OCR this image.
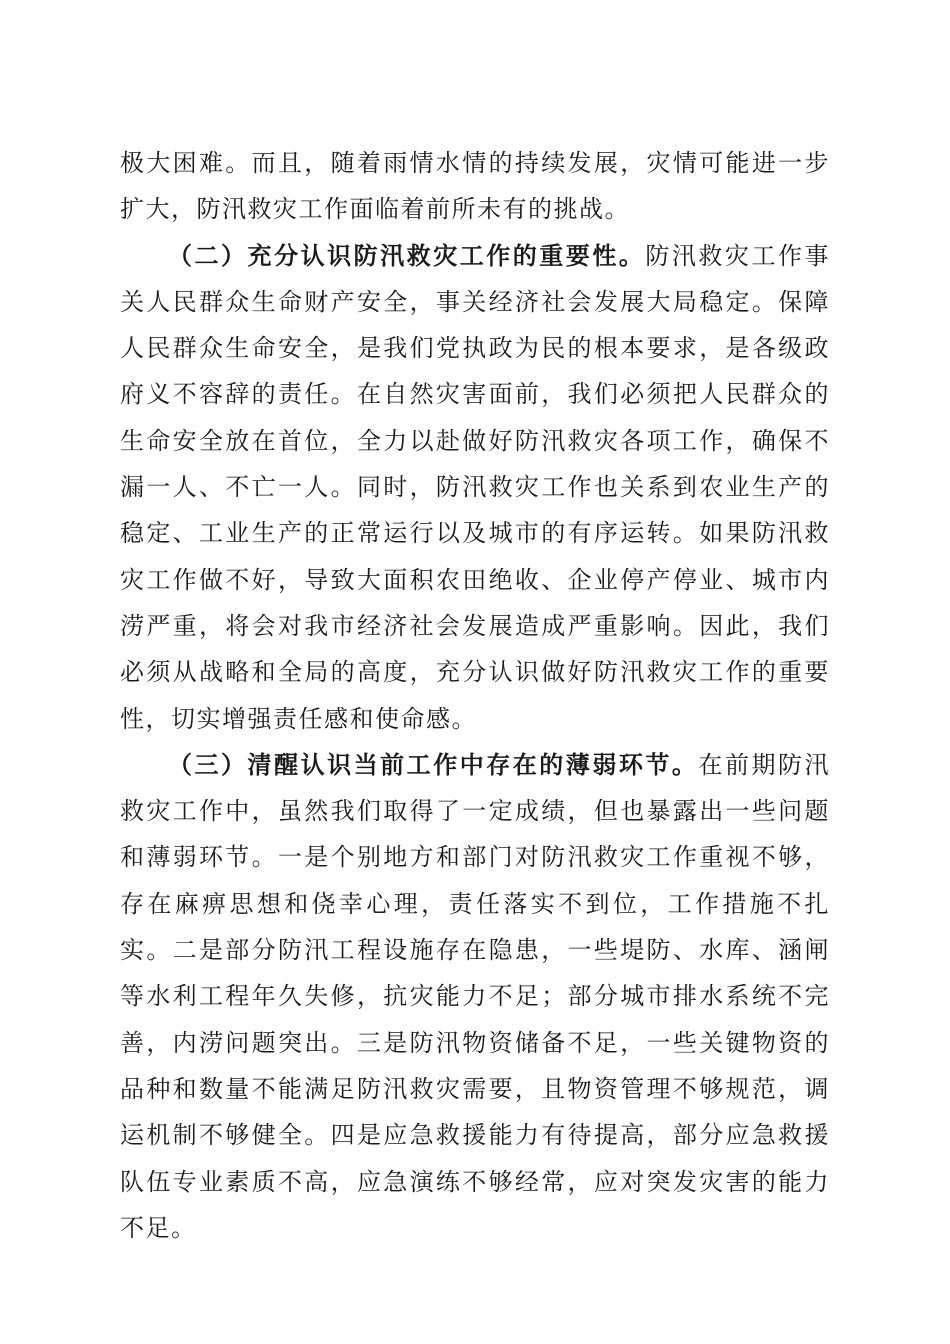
极大困难。而且，随着雨情水情的持续发展，灾情可能进一步扩大，防汛救灾工作面临着前所未有的挑战。

（二）充分认识防汛救灾工作的重要性。防汛救灾工作事关人民群众生命财产安全，事关经济社会发展大局稳定。保障人民群众生命安全，是我们党执政为民的根本要求，是各级政府义不容辞的责任。在自然灾害面前，我们必须把人民群众的生命安全放在首位，全力以赴做好防汛救灾各项工作，确保不漏一人、不亡一人。同时，防汛救灾工作也关系到农业生产的稳定、工业生产的正常运行以及城市的有序运转。如果防汛救灾工作做不好，导致大面积农田绝收、企业停产停业、城市内涝严重，将会对我市经济社会发展造成严重影响。因此，我们必须从战略和全局的高度，充分认识做好防汛救灾工作的重要性，切实增强责任感和使命感。

（三）清醒认识当前工作中存在的薄弱环节。在前期防汛救灾工作中，虽然我们取得了一定成绩，但也暴露出一些问题和薄弱环节。一是个别地方和部门对防汛救灾工作重视不够，存在麻痹思想和侥幸心理，责任落实不到位，工作措施不扎实。二是部分防汛工程设施存在隐患，一些堤防、水库、涵闸等水利工程年久失修，抗灾能力不足；部分城市排水系统不完善，内涝问题突出。三是防汛物资储备不足，一些关键物资的品种和数量不能满足防汛救灾需要，且物资管理不够规范，调运机制不够健全。四是应急救援能力有待提高，部分应急救援队伍专业素质不高，应急演练不够经常，应对突发灾害的能力不足。
